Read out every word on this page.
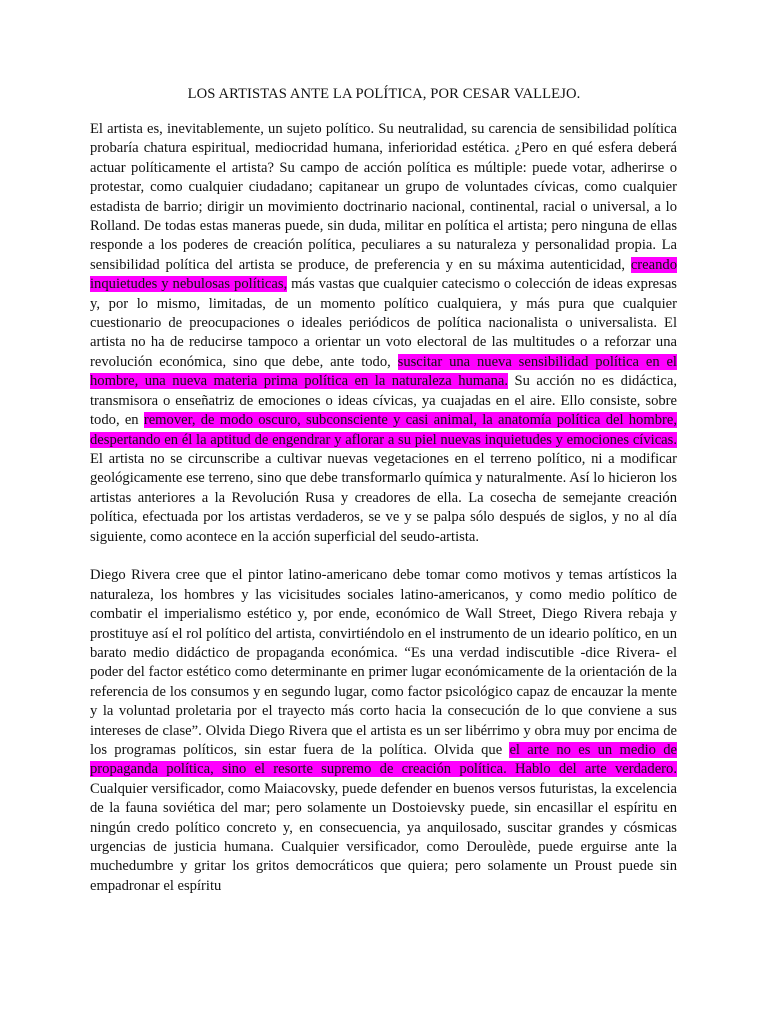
LOS ARTISTAS ANTE LA POLÍTICA, POR CESAR VALLEJO.

El artista es, inevitablemente, un sujeto político. Su neutralidad, su carencia de sensibilidad política probaría chatura espiritual, mediocridad humana, inferioridad estética. ¿Pero en qué esfera deberá actuar políticamente el artista? Su campo de acción política es múltiple: puede votar, adherirse o protestar, como cualquier ciudadano; capitanear un grupo de voluntades cívicas, como cualquier estadista de barrio; dirigir un movimiento doctrinario nacional, continental, racial o universal, a lo Rolland. De todas estas maneras puede, sin duda, militar en política el artista; pero ninguna de ellas responde a los poderes de creación política, peculiares a su naturaleza y personalidad propia. La sensibilidad política del artista se produce, de preferencia y en su máxima autenticidad, creando inquietudes y nebulosas políticas, más vastas que cualquier catecismo o colección de ideas expresas y, por lo mismo, limitadas, de un momento político cualquiera, y más pura que cualquier cuestionario de preocupaciones o ideales periódicos de política nacionalista o universalista. El artista no ha de reducirse tampoco a orientar un voto electoral de las multitudes o a reforzar una revolución económica, sino que debe, ante todo, suscitar una nueva sensibilidad política en el hombre, una nueva materia prima política en la naturaleza humana. Su acción no es didáctica, transmisora o enseñatriz de emociones o ideas cívicas, ya cuajadas en el aire. Ello consiste, sobre todo, en remover, de modo oscuro, subconsciente y casi animal, la anatomía política del hombre, despertando en él la aptitud de engendrar y aflorar a su piel nuevas inquietudes y emociones cívicas. El artista no se circunscribe a cultivar nuevas vegetaciones en el terreno político, ni a modificar geológicamente ese terreno, sino que debe transformarlo química y naturalmente. Así lo hicieron los artistas anteriores a la Revolución Rusa y creadores de ella. La cosecha de semejante creación política, efectuada por los artistas verdaderos, se ve y se palpa sólo después de siglos, y no al día siguiente, como acontece en la acción superficial del seudo-artista.

Diego Rivera cree que el pintor latino-americano debe tomar como motivos y temas artísticos la naturaleza, los hombres y las vicisitudes sociales latino-americanos, y como medio político de combatir el imperialismo estético y, por ende, económico de Wall Street, Diego Rivera rebaja y prostituye así el rol político del artista, convirtiéndolo en el instrumento de un ideario político, en un barato medio didáctico de propaganda económica. “Es una verdad indiscutible -dice Rivera- el poder del factor estético como determinante en primer lugar económicamente de la orientación de la referencia de los consumos y en segundo lugar, como factor psicológico capaz de encauzar la mente y la voluntad proletaria por el trayecto más corto hacia la consecución de lo que conviene a sus intereses de clase”. Olvida Diego Rivera que el artista es un ser libérrimo y obra muy por encima de los programas políticos, sin estar fuera de la política. Olvida que el arte no es un medio de propaganda política, sino el resorte supremo de creación política. Hablo del arte verdadero. Cualquier versificador, como Maiacovsky, puede defender en buenos versos futuristas, la excelencia de la fauna soviética del mar; pero solamente un Dostoievsky puede, sin encasillar el espíritu en ningún credo político concreto y, en consecuencia, ya anquilosado, suscitar grandes y cósmicas urgencias de justicia humana. Cualquier versificador, como Deroulède, puede erguirse ante la muchedumbre y gritar los gritos democráticos que quiera; pero solamente un Proust puede sin empadronar el espíritu
